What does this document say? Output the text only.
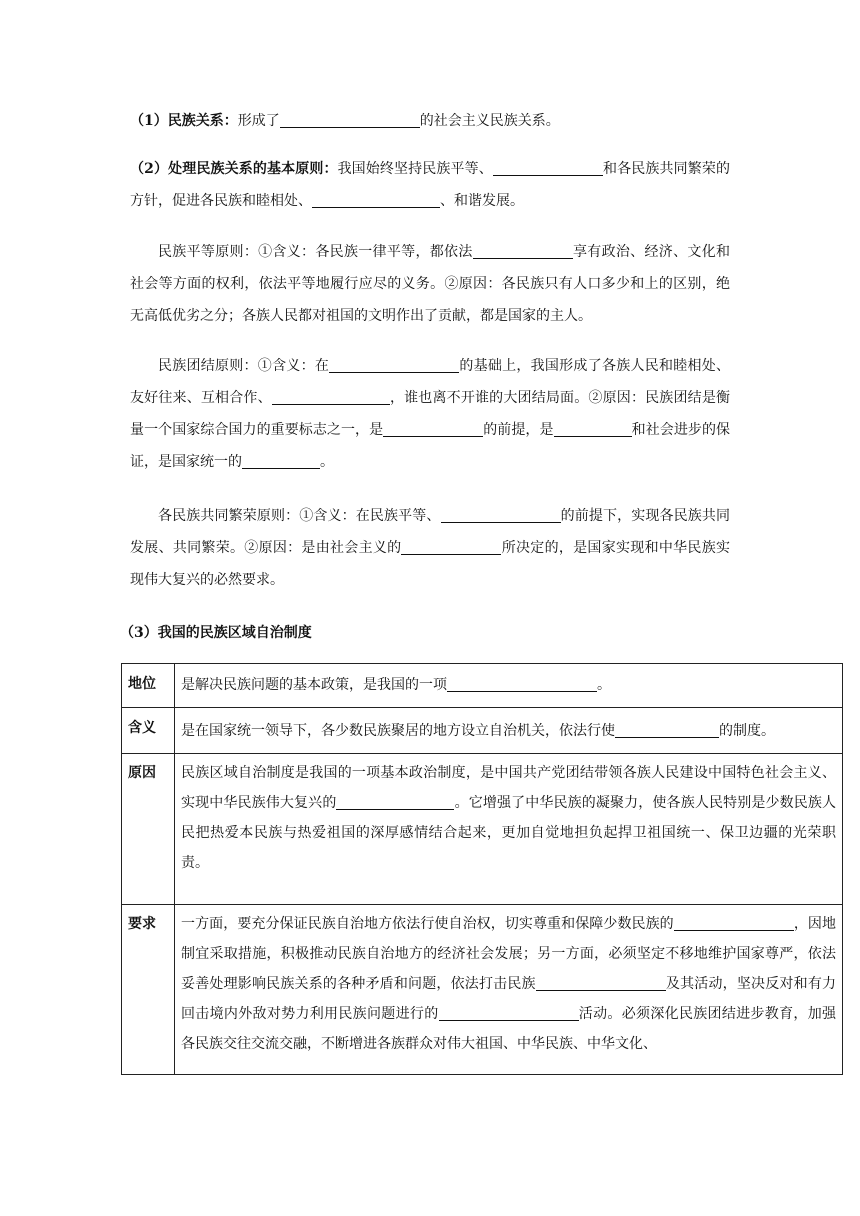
（1）民族关系：形成了	的社会主义民族关系。

（2）处理民族关系的基本原则：我国始终坚持民族平等、	和各民族共同繁荣的方针，促进各民族和睦相处、	、和谐发展。

民族平等原则：①含义：各民族一律平等，都依法	享有政治、经济、文化和社会等方面的权利，依法平等地履行应尽的义务。②原因：各民族只有人口多少和上的区别，绝无高低优劣之分；各族人民都对祖国的文明作出了贡献，都是国家的主人。

民族团结原则：①含义：在	的基础上，我国形成了各族人民和睦相处、友好往来、互相合作、	，谁也离不开谁的大团结局面。②原因：民族团结是衡量一个国家综合国力的重要标志之一，是	的前提，是	和社会进步的保证，是国家统一的	。

各民族共同繁荣原则：①含义：在民族平等、	的前提下，实现各民族共同发展、共同繁荣。②原因：是由社会主义的	所决定的，是国家实现和中华民族实现伟大复兴的必然要求。

（3）我国的民族区域自治制度
地位	是解决民族问题的基本政策，是我国的一项 。
含义	是在国家统一领导下，各少数民族聚居的地方设立自治机关，依法行使 的制度。
原因	民族区域自治制度是我国的一项基本政治制度，是中国共产党团结带领各族人民建设中国特色社会主义、实现中华民族伟大复兴的 。它增强了中华民族的凝聚力，使各族人民特别是少数民族人民把热爱本民族与热爱祖国的深厚感情结合起来，更加自觉地担负起捍卫祖国统一、保卫边疆的光荣职责。
要求	一方面，要充分保证民族自治地方依法行使自治权，切实尊重和保障少数民族的 ，因地制宜采取措施，积极推动民族自治地方的经济社会发展；另一方面，必须坚定不移地维护国家尊严，依法妥善处理影响民族关系的各种矛盾和问题，依法打击民族 及其活动，坚决反对和有力回击境内外敌对势力利用民族问题进行的 活动。必须深化民族团结进步教育，加强各民族交往交流交融，不断增进各族群众对伟大祖国、中华民族、中华文化、
